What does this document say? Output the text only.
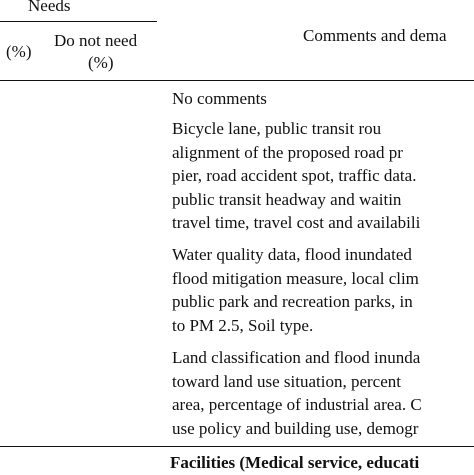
Needs
(%)
Do not need
(%)
Comments and dema
No comments
Bicycle lane, public transit rou
alignment of the proposed road pr
pier, road accident spot, traffic data.
public transit headway and waitin
travel time, travel cost and availabili
Water quality data, flood inundated
flood mitigation measure, local clim
public park and recreation parks, in
to PM 2.5, Soil type.
Land classification and flood inunda
toward land use situation, percent
area, percentage of industrial area. C
use policy and building use, demogr
Facilities (Medical service, educati
